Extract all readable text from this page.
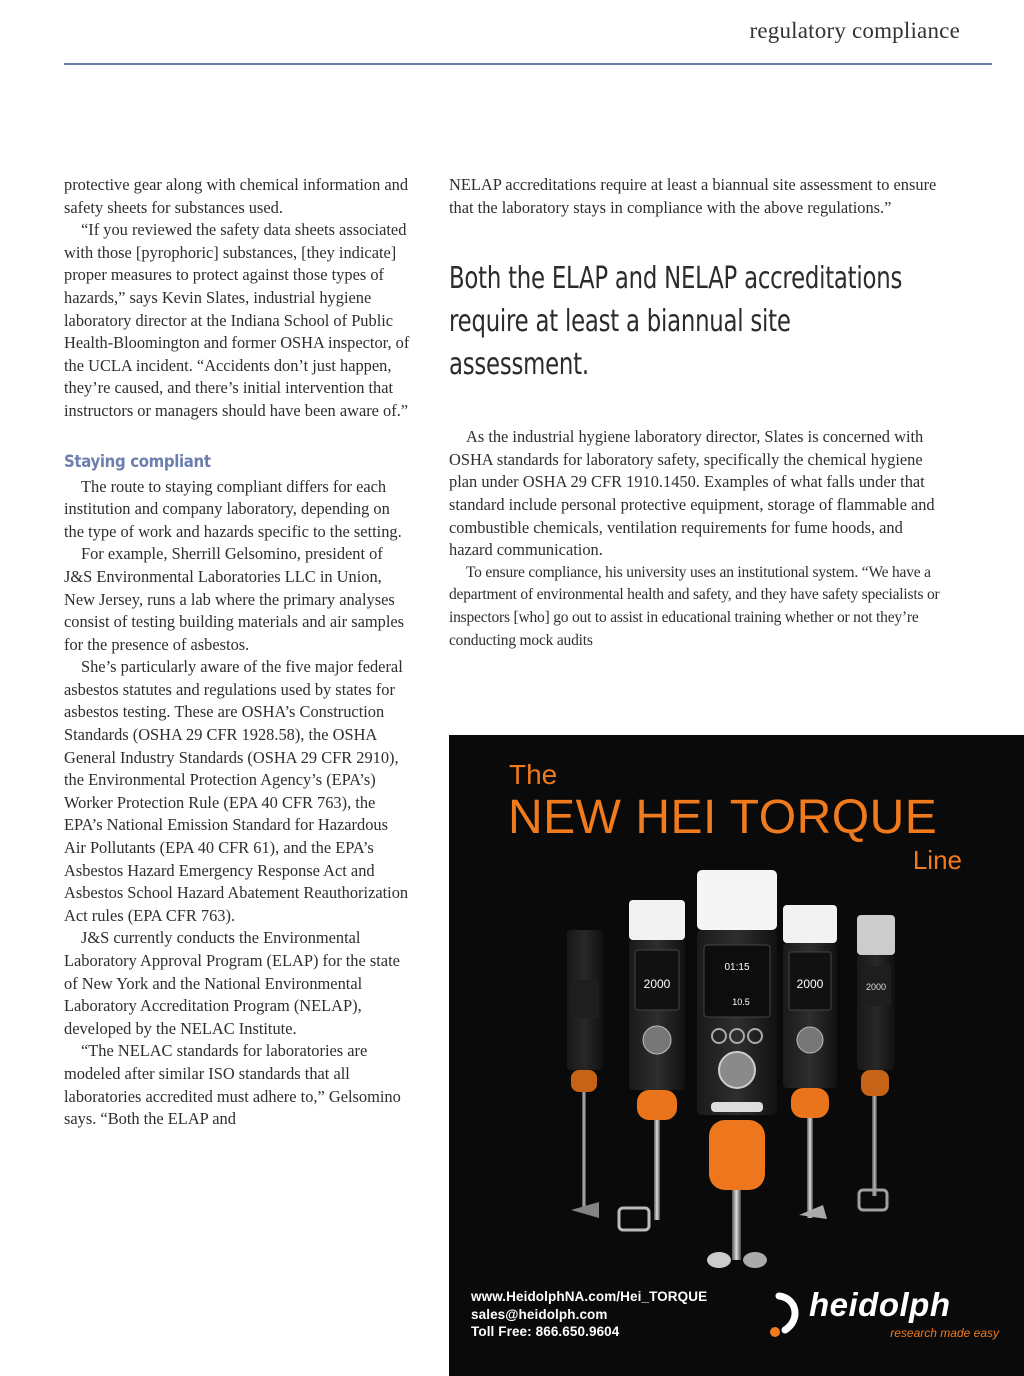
regulatory compliance

protective gear along with chemical information and safety sheets for substances used.

“If you reviewed the safety data sheets associated with those [pyrophoric] substances, [they indicate] proper measures to protect against those types of hazards,” says Kevin Slates, industrial hygiene laboratory director at the Indiana School of Public Health-Bloomington and former OSHA inspector, of the UCLA incident. “Accidents don’t just happen, they’re caused, and there’s initial intervention that instructors or managers should have been aware of.”

Staying compliant

The route to staying compliant differs for each institution and company laboratory, depending on the type of work and hazards specific to the setting.

For example, Sherrill Gelsomino, president of J&S Environmental Laboratories LLC in Union, New Jersey, runs a lab where the primary analyses consist of testing building materials and air samples for the presence of asbestos.

She’s particularly aware of the five major federal asbestos statutes and regulations used by states for asbestos testing. These are OSHA’s Construction Standards (OSHA 29 CFR 1928.58), the OSHA General Industry Standards (OSHA 29 CFR 2910), the Environmental Protection Agency’s (EPA’s) Worker Protection Rule (EPA 40 CFR 763), the EPA’s National Emission Standard for Hazardous Air Pollutants (EPA 40 CFR 61), and the EPA’s Asbestos Hazard Emergency Response Act and Asbestos School Hazard Abatement Reauthorization Act rules (EPA CFR 763).

J&S currently conducts the Environmental Laboratory Approval Program (ELAP) for the state of New York and the National Environmental Laboratory Accreditation Program (NELAP), developed by the NELAC Institute.

“The NELAC standards for laboratories are modeled after similar ISO standards that all laboratories accredited must adhere to,” Gelsomino says. “Both the ELAP and

NELAP accreditations require at least a biannual site assessment to ensure that the laboratory stays in compliance with the above regulations.”

Both the ELAP and NELAP accreditations require at least a biannual site assessment.

As the industrial hygiene laboratory director, Slates is concerned with OSHA standards for laboratory safety, specifically the chemical hygiene plan under OSHA 29 CFR 1910.1450. Examples of what falls under that standard include personal protective equipment, storage of flammable and combustible chemicals, ventilation requirements for fume hoods, and hazard communication.

To ensure compliance, his university uses an institutional system. “We have a department of environmental health and safety, and they have safety specialists or inspectors [who] go out to assist in educational training whether or not they’re conducting mock audits

The
NEW HEI TORQUE
Line
2000
01:15
10.5
2000	2000
www.HeidolphNA.com/Hei_TORQUE
sales@heidolph.com
Toll Free: 866.650.9604
heidolph
research made easy
